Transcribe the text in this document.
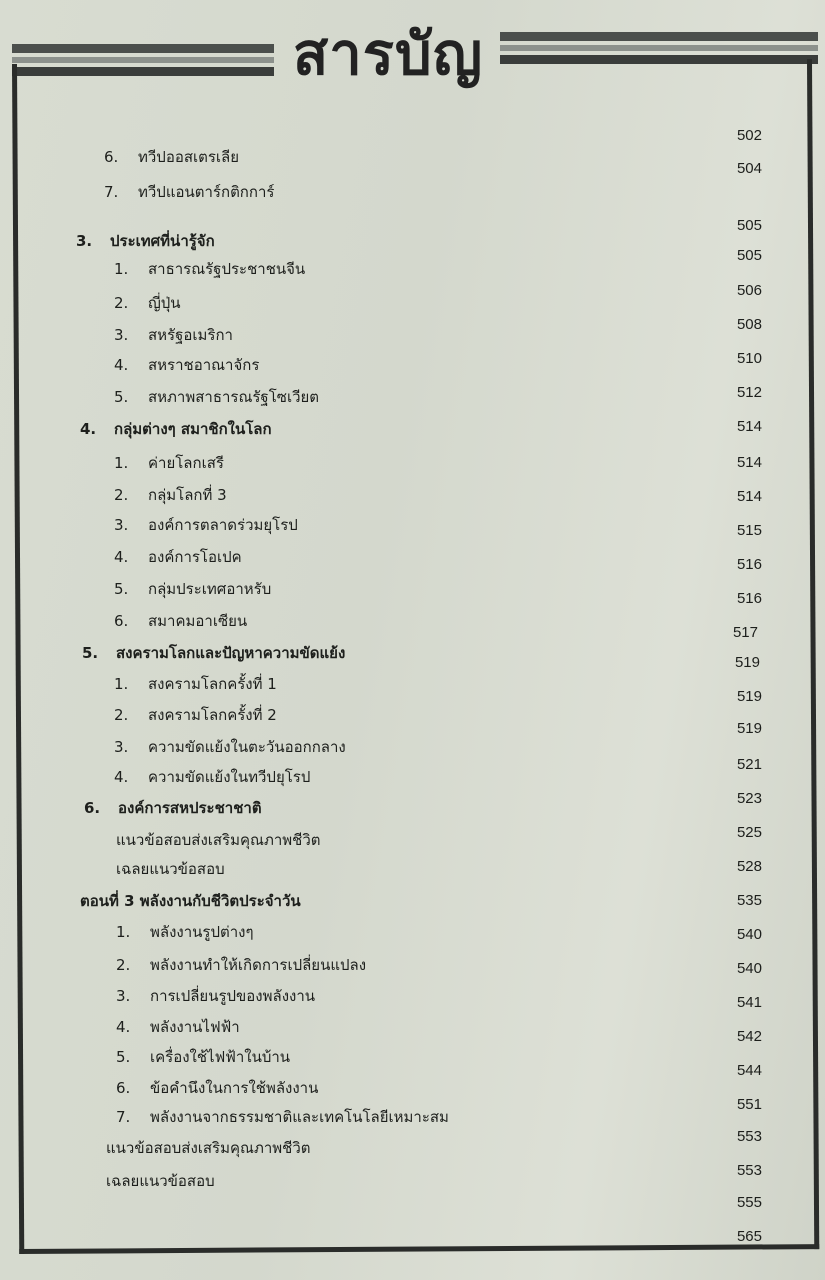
สารบัญ
6. ทวีปออสเตรเลีย
7. ทวีปแอนตาร์กติกการ์
3. ประเทศที่น่ารู้จัก
1. สาธารณรัฐประชาชนจีน
2. ญี่ปุ่น
3. สหรัฐอเมริกา
4. สหราชอาณาจักร
5. สหภาพสาธารณรัฐโซเวียต
4. กลุ่มต่างๆ สมาชิกในโลก
1. ค่ายโลกเสรี
2. กลุ่มโลกที่ 3
3. องค์การตลาดร่วมยุโรป
4. องค์การโอเปค
5. กลุ่มประเทศอาหรับ
6. สมาคมอาเซียน
5. สงครามโลกและปัญหาความขัดแย้ง
1. สงครามโลกครั้งที่ 1
2. สงครามโลกครั้งที่ 2
3. ความขัดแย้งในตะวันออกกลาง
4. ความขัดแย้งในทวีปยุโรป
6. องค์การสหประชาชาติ
แนวข้อสอบส่งเสริมคุณภาพชีวิต
เฉลยแนวข้อสอบ
ตอนที่ 3 พลังงานกับชีวิตประจำวัน
1. พลังงานรูปต่างๆ
2. พลังงานทำให้เกิดการเปลี่ยนแปลง
3. การเปลี่ยนรูปของพลังงาน
4. พลังงานไฟฟ้า
5. เครื่องใช้ไฟฟ้าในบ้าน
6. ข้อคำนึงในการใช้พลังงาน
7. พลังงานจากธรรมชาติและเทคโนโลยีเหมาะสม
แนวข้อสอบส่งเสริมคุณภาพชีวิต
เฉลยแนวข้อสอบ
502
504
505
505
506
508
510
512
514
514
514
515
516
516
517
519
519
519
521
523
525
528
535
540
540
541
542
544
551
553
553
555
565
